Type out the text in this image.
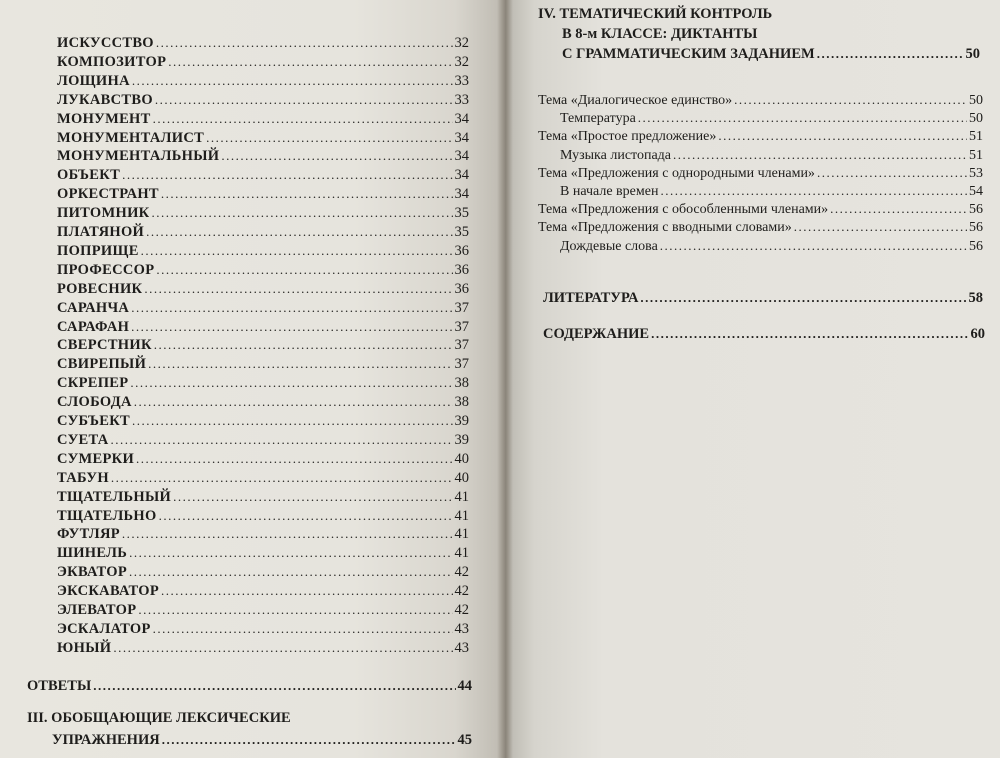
ИСКУССТВО .....	32
КОМПОЗИТОР .....	32
ЛОЩИНА .....	33
ЛУКАВСТВО .....	33
МОНУМЕНТ .....	34
МОНУМЕНТАЛИСТ .....	34
МОНУМЕНТАЛЬНЫЙ .....	34
ОБЪЕКТ .....	34
ОРКЕСТРАНТ .....	34
ПИТОМНИК .....	35
ПЛАТЯНОЙ .....	35
ПОПРИЩЕ .....	36
ПРОФЕССОР .....	36
РОВЕСНИК .....	36
САРАНЧА .....	37
САРАФАН .....	37
СВЕРСТНИК .....	37
СВИРЕПЫЙ .....	37
СКРЕПЕР .....	38
СЛОБОДА .....	38
СУБЪЕКТ .....	39
СУЕТА .....	39
СУМЕРКИ .....	40
ТАБУН .....	40
ТЩАТЕЛЬНЫЙ .....	41
ТЩАТЕЛЬНО .....	41
ФУТЛЯР .....	41
ШИНЕЛЬ .....	41
ЭКВАТОР .....	42
ЭКСКАВАТОР .....	42
ЭЛЕВАТОР .....	42
ЭСКАЛАТОР .....	43
ЮНЫЙ .....	43
ОТВЕТЫ .....	44
III. ОБОБЩАЮЩИЕ ЛЕКСИЧЕСКИЕ
УПРАЖНЕНИЯ .....	45
IV. ТЕМАТИЧЕСКИЙ КОНТРОЛЬ
В 8-м КЛАССЕ: ДИКТАНТЫ
С ГРАММАТИЧЕСКИМ ЗАДАНИЕМ .....	50
Тема «Диалогическое единство» .....	50
Температура .....	50
Тема «Простое предложение» .....	51
Музыка листопада .....	51
Тема «Предложения с однородными членами» .....	53
В начале времен .....	54
Тема «Предложения с обособленными членами» .....	56
Тема «Предложения с вводными словами» .....	56
Дождевые слова .....	56
ЛИТЕРАТУРА .....	58
СОДЕРЖАНИЕ .....	60
